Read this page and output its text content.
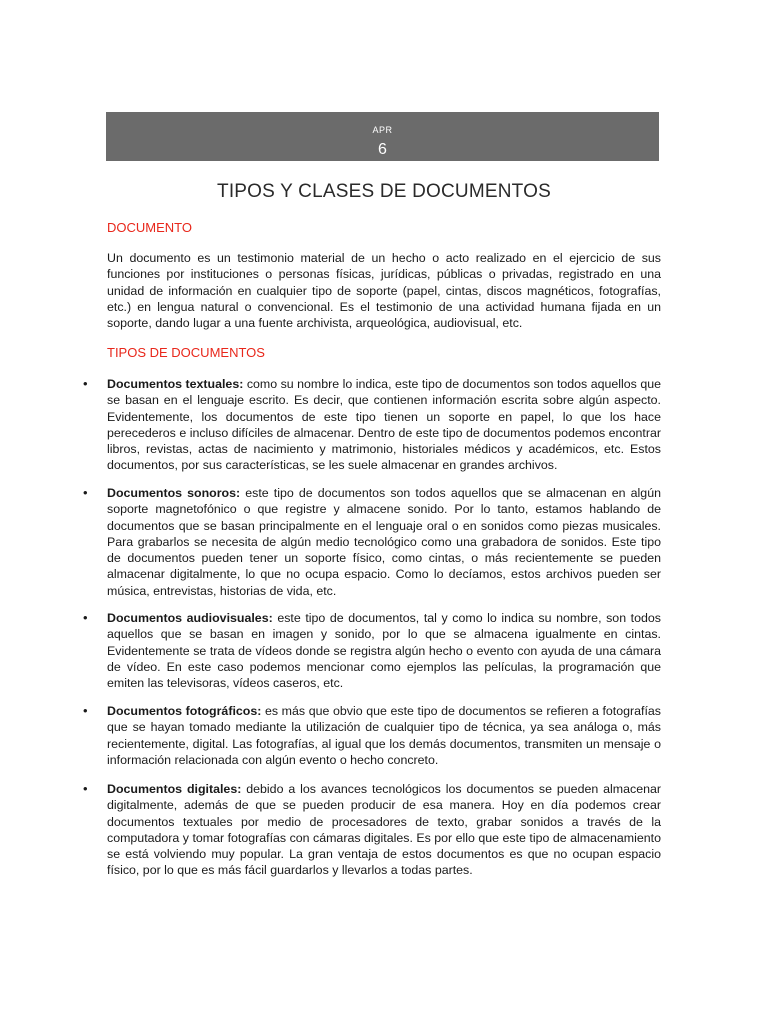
APR
6
TIPOS Y CLASES DE DOCUMENTOS
DOCUMENTO
Un documento es un testimonio material de un hecho o acto realizado en el ejercicio de sus funciones por instituciones o personas físicas, jurídicas, públicas o privadas, registrado en una unidad de información en cualquier tipo de soporte (papel, cintas, discos magnéticos, fotografías, etc.) en lengua natural o convencional. Es el testimonio de una actividad humana fijada en un soporte, dando lugar a una fuente archivista, arqueológica, audiovisual, etc.
TIPOS DE DOCUMENTOS
•	Documentos textuales: como su nombre lo indica, este tipo de documentos son todos aquellos que se basan en el lenguaje escrito. Es decir, que contienen información escrita sobre algún aspecto. Evidentemente, los documentos de este tipo tienen un soporte en papel, lo que los hace perecederos e incluso difíciles de almacenar. Dentro de este tipo de documentos podemos encontrar libros, revistas, actas de nacimiento y matrimonio, historiales médicos y académicos, etc. Estos documentos, por sus características, se les suele almacenar en grandes archivos.
•	Documentos sonoros: este tipo de documentos son todos aquellos que se almacenan en algún soporte magnetofónico o que registre y almacene sonido. Por lo tanto, estamos hablando de documentos que se basan principalmente en el lenguaje oral o en sonidos como piezas musicales. Para grabarlos se necesita de algún medio tecnológico como una grabadora de sonidos. Este tipo de documentos pueden tener un soporte físico, como cintas, o más recientemente se pueden almacenar digitalmente, lo que no ocupa espacio. Como lo decíamos, estos archivos pueden ser música, entrevistas, historias de vida, etc.
•	Documentos audiovisuales: este tipo de documentos, tal y como lo indica su nombre, son todos aquellos que se basan en imagen y sonido, por lo que se almacena igualmente en cintas. Evidentemente se trata de vídeos donde se registra algún hecho o evento con ayuda de una cámara de vídeo. En este caso podemos mencionar como ejemplos las películas, la programación que emiten las televisoras, vídeos caseros, etc.
•	Documentos fotográficos: es más que obvio que este tipo de documentos se refieren a fotografías que se hayan tomado mediante la utilización de cualquier tipo de técnica, ya sea análoga o, más recientemente, digital. Las fotografías, al igual que los demás documentos, transmiten un mensaje o información relacionada con algún evento o hecho concreto.
•	Documentos digitales: debido a los avances tecnológicos los documentos se pueden almacenar digitalmente, además de que se pueden producir de esa manera. Hoy en día podemos crear documentos textuales por medio de procesadores de texto, grabar sonidos a través de la computadora y tomar fotografías con cámaras digitales. Es por ello que este tipo de almacenamiento se está volviendo muy popular. La gran ventaja de estos documentos es que no ocupan espacio físico, por lo que es más fácil guardarlos y llevarlos a todas partes.
